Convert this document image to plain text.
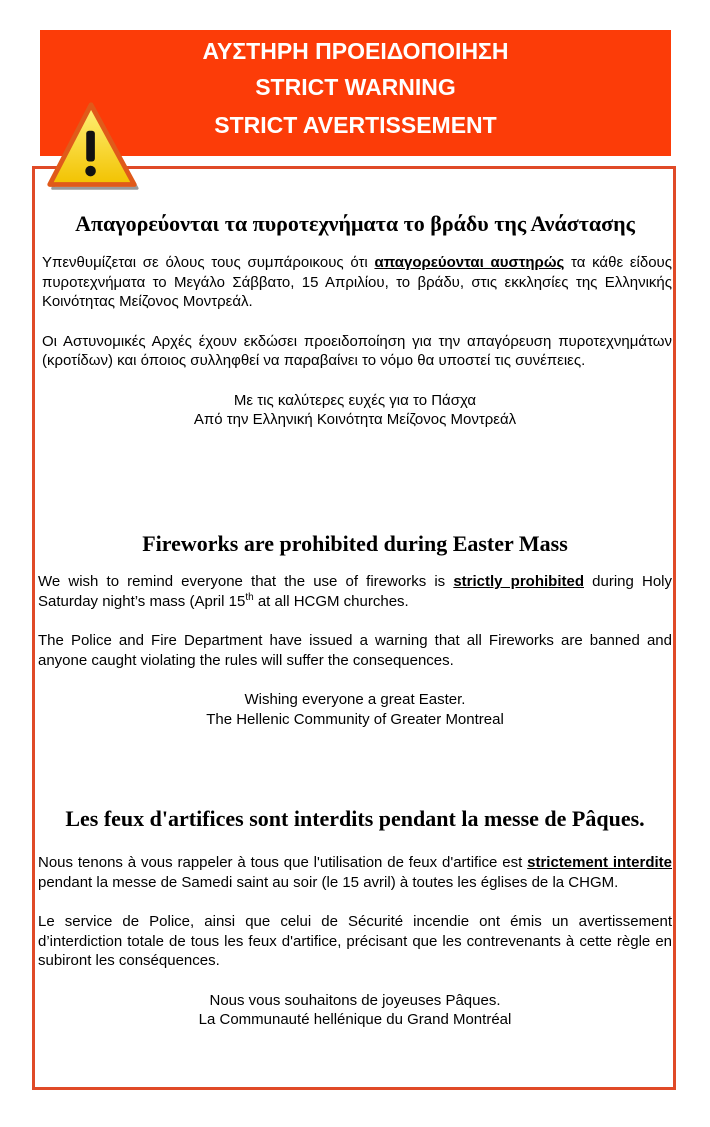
ΑΥΣΤΗΡΗ ΠΡΟΕΙΔΟΠΟΙΗΣΗ
STRICT WARNING
STRICT AVERTISSEMENT
Απαγορεύονται τα πυροτεχνήματα το βράδυ της Ανάστασης

Υπενθυμίζεται σε όλους τους συμπάροικους ότι απαγορεύονται αυστηρώς τα κάθε είδους πυροτεχνήματα το Μεγάλο Σάββατο, 15 Απριλίου, το βράδυ, στις εκκλησίες της Ελληνικής Κοινότητας Μείζονος Μοντρεάλ.

Οι Αστυνομικές Αρχές έχουν εκδώσει προειδοποίηση για την απαγόρευση πυροτεχνημάτων (κροτίδων) και όποιος συλληφθεί να παραβαίνει το νόμο θα υποστεί τις συνέπειες.

Με τις καλύτερες ευχές για το Πάσχα

Από την Ελληνική Κοινότητα Μείζονος Μοντρεάλ

Fireworks are prohibited during Easter Mass

We wish to remind everyone that the use of fireworks is strictly prohibited during Holy Saturday night’s mass (April 15th at all HCGM churches.

The Police and Fire Department have issued a warning that all Fireworks are banned and anyone caught violating the rules will suffer the consequences.

Wishing everyone a great Easter.

The Hellenic Community of Greater Montreal

Les feux d'artifices sont interdits pendant la messe de Pâques.

Nous tenons à vous rappeler à tous que l'utilisation de feux d'artifice est strictement interdite pendant la messe de Samedi saint au soir (le 15 avril) à toutes les églises de la CHGM.

Le service de Police, ainsi que celui de Sécurité incendie ont émis un avertissement d’interdiction totale de tous les feux d'artifice, précisant que les contrevenants à cette règle en subiront les conséquences.

Nous vous souhaitons de joyeuses Pâques.

La Communauté hellénique du Grand Montréal
